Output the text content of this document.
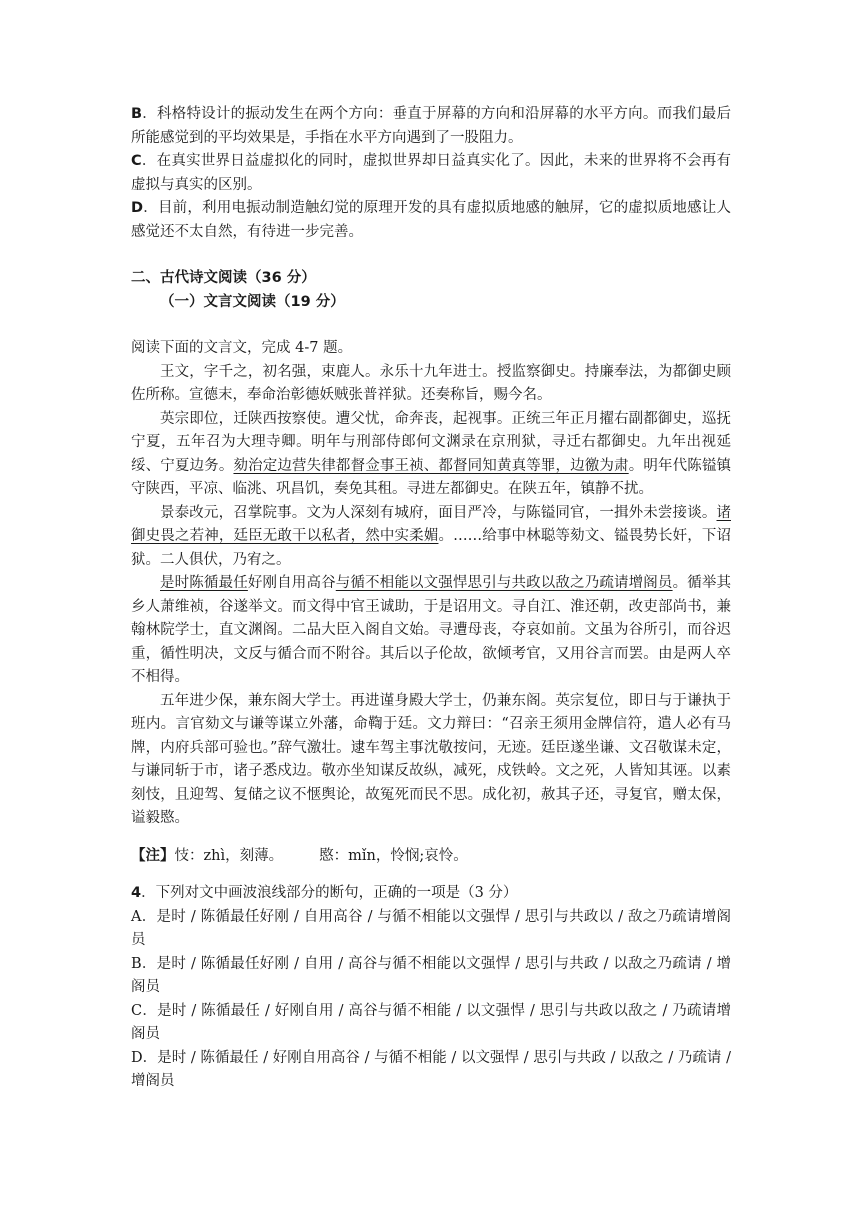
B．科格特设计的振动发生在两个方向：垂直于屏幕的方向和沿屏幕的水平方向。而我们最后所能感觉到的平均效果是，手指在水平方向遇到了一股阻力。

C．在真实世界日益虚拟化的同时，虚拟世界却日益真实化了。因此，未来的世界将不会再有虚拟与真实的区别。

D．目前，利用电振动制造触幻觉的原理开发的具有虚拟质地感的触屏，它的虚拟质地感让人感觉还不太自然，有待进一步完善。

二、古代诗文阅读（36 分）

（一）文言文阅读（19 分）

阅读下面的文言文，完成 4-7 题。

王文，字千之，初名强，束鹿人。永乐十九年进士。授监察御史。持廉奉法，为都御史顾佐所称。宣德末，奉命治彰德妖贼张普祥狱。还奏称旨，赐今名。

英宗即位，迁陕西按察使。遭父忧，命奔丧，起视事。正统三年正月擢右副都御史，巡抚宁夏，五年召为大理寺卿。明年与刑部侍郎何文渊录在京刑狱，寻迁右都御史。九年出视延绥、宁夏边务。劾治定边营失律都督佥事王祯、都督同知黄真等罪，边徼为肃。明年代陈镒镇守陕西，平凉、临洮、巩昌饥，奏免其租。寻进左都御史。在陕五年，镇静不扰。

景泰改元，召掌院事。文为人深刻有城府，面目严冷，与陈镒同官，一揖外未尝接谈。诸御史畏之若神，廷臣无敢干以私者，然中实柔媚。……给事中林聪等劾文、镒畏势长奸，下诏狱。二人俱伏，乃宥之。

是时陈循最任好刚自用高谷与循不相能以文强悍思引与共政以敌之乃疏请增阁员。循举其乡人萧维祯，谷遂举文。而文得中官王诚助，于是诏用文。寻自江、淮还朝，改吏部尚书，兼翰林院学士，直文渊阁。二品大臣入阁自文始。寻遭母丧，夺哀如前。文虽为谷所引，而谷迟重，循性明决，文反与循合而不附谷。其后以子伦故，欲倾考官，又用谷言而罢。由是两人卒不相得。

五年进少保，兼东阁大学士。再进谨身殿大学士，仍兼东阁。英宗复位，即日与于谦执于班内。言官劾文与谦等谋立外藩，命鞫于廷。文力辩曰：“召亲王须用金牌信符，遣人必有马牌，内府兵部可验也。”辞气激壮。逮车驾主事沈敬按问，无迹。廷臣遂坐谦、文召敬谋未定，与谦同斩于市，诸子悉戍边。敬亦坐知谋反故纵，减死，戍铁岭。文之死，人皆知其诬。以素刻忮，且迎驾、复储之议不惬舆论，故冤死而民不思。成化初，赦其子还，寻复官，赠太保，谥毅愍。

【注】忮：zhì，刻薄。 愍：mǐn，怜悯;哀怜。

4．下列对文中画波浪线部分的断句，正确的一项是（3 分）

A．是时 / 陈循最任好刚 / 自用高谷 / 与循不相能以文强悍 / 思引与共政以 / 敌之乃疏请增阁员

B．是时 / 陈循最任好刚 / 自用 / 高谷与循不相能以文强悍 / 思引与共政 / 以敌之乃疏请 / 增阁员

C．是时 / 陈循最任 / 好刚自用 / 高谷与循不相能 / 以文强悍 / 思引与共政以敌之 / 乃疏请增阁员

D．是时 / 陈循最任 / 好刚自用高谷 / 与循不相能 / 以文强悍 / 思引与共政 / 以敌之 / 乃疏请 / 增阁员
